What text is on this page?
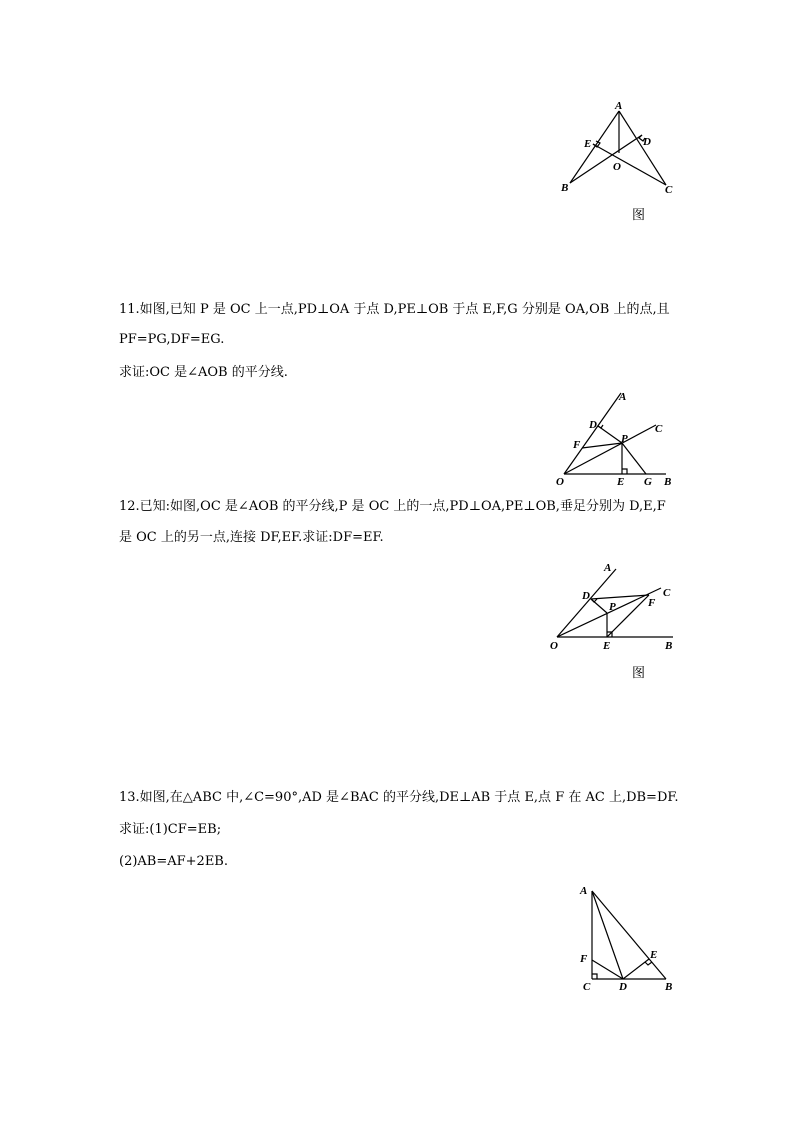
A
E	D
O
B	C
图
11.如图,已知 P 是 OC 上一点,PD⊥OA 于点 D,PE⊥OB 于点 E,F,G 分别是 OA,OB 上的点,且
PF=PG,DF=EG.
求证:OC 是∠AOB 的平分线.
A
D	C
P
F
O	E G B
12.已知:如图,OC 是∠AOB 的平分线,P 是 OC 上的一点,PD⊥OA,PE⊥OB,垂足分别为 D,E,F
是 OC 上的另一点,连接 DF,EF.求证:DF=EF.
A
D	C
F
P
O	E	B
图
13.如图,在△ABC 中,∠C=90°,AD 是∠BAC 的平分线,DE⊥AB 于点 E,点 F 在 AC 上,DB=DF.
求证:(1)CF=EB;
(2)AB=AF+2EB.
A
F	E
C	D	B
